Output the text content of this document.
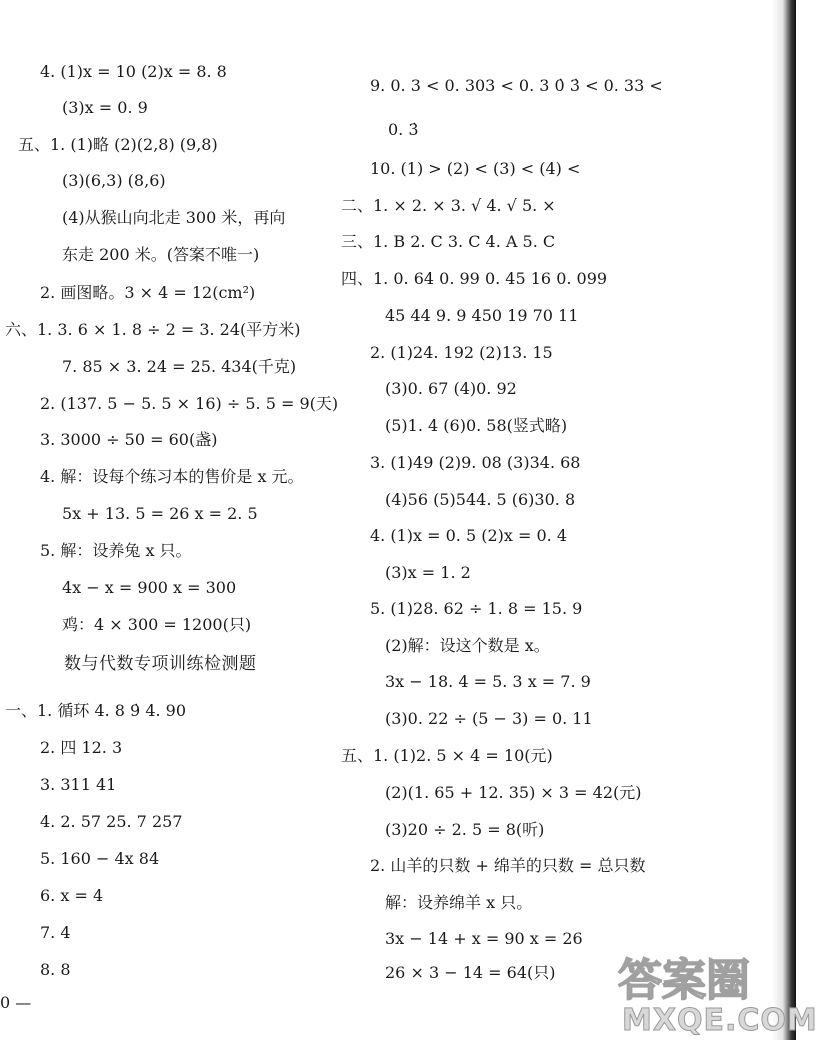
4. (1)x = 10 (2)x = 8. 8
(3)x = 0. 9
五、1. (1)略 (2)(2,8) (9,8)
(3)(6,3) (8,6)
(4)从猴山向北走 300 米，再向
东走 200 米。(答案不唯一)
2. 画图略。3 × 4 = 12(cm²)
六、1. 3. 6 × 1. 8 ÷ 2 = 3. 24(平方米)
7. 85 × 3. 24 = 25. 434(千克)
2. (137. 5 − 5. 5 × 16) ÷ 5. 5 = 9(天)
3. 3000 ÷ 50 = 60(盏)
4. 解：设每个练习本的售价是 x 元。
5x + 13. 5 = 26 x = 2. 5
5. 解：设养兔 x 只。
4x − x = 900 x = 300
鸡：4 × 300 = 1200(只)
数与代数专项训练检测题
一、1. 循环 4. 8 9̇ 4. 90
2. 四 12. 3
3. 311 41
4. 2. 57 25. 7 257
5. 160 − 4x 84
6. x = 4
7. 4
8. 8
9. 0. 3 < 0. 303 < 0. 3 0̇ 3̇ < 0. 33 <
0. 3̇
10. (1) > (2) < (3) < (4) <
二、1. × 2. × 3. √ 4. √ 5. ×
三、1. B 2. C 3. C 4. A 5. C
四、1. 0. 64 0. 99 0. 45 16 0. 099
45 44 9. 9 450 19 70 11
2. (1)24. 192 (2)13. 15
(3)0. 67 (4)0. 92
(5)1. 4 (6)0. 58(竖式略)
3. (1)49 (2)9. 08 (3)34. 68
(4)56 (5)544. 5 (6)30. 8
4. (1)x = 0. 5 (2)x = 0. 4
(3)x = 1. 2
5. (1)28. 62 ÷ 1. 8 = 15. 9
(2)解：设这个数是 x。
3x − 18. 4 = 5. 3 x = 7. 9
(3)0. 22 ÷ (5 − 3) = 0. 11
五、1. (1)2. 5 × 4 = 10(元)
(2)(1. 65 + 12. 35) × 3 = 42(元)
(3)20 ÷ 2. 5 = 8(听)
2. 山羊的只数 + 绵羊的只数 = 总只数
解：设养绵羊 x 只。
3x − 14 + x = 90 x = 26
26 × 3 − 14 = 64(只)
0 —	答案圈
MXQE.COM
